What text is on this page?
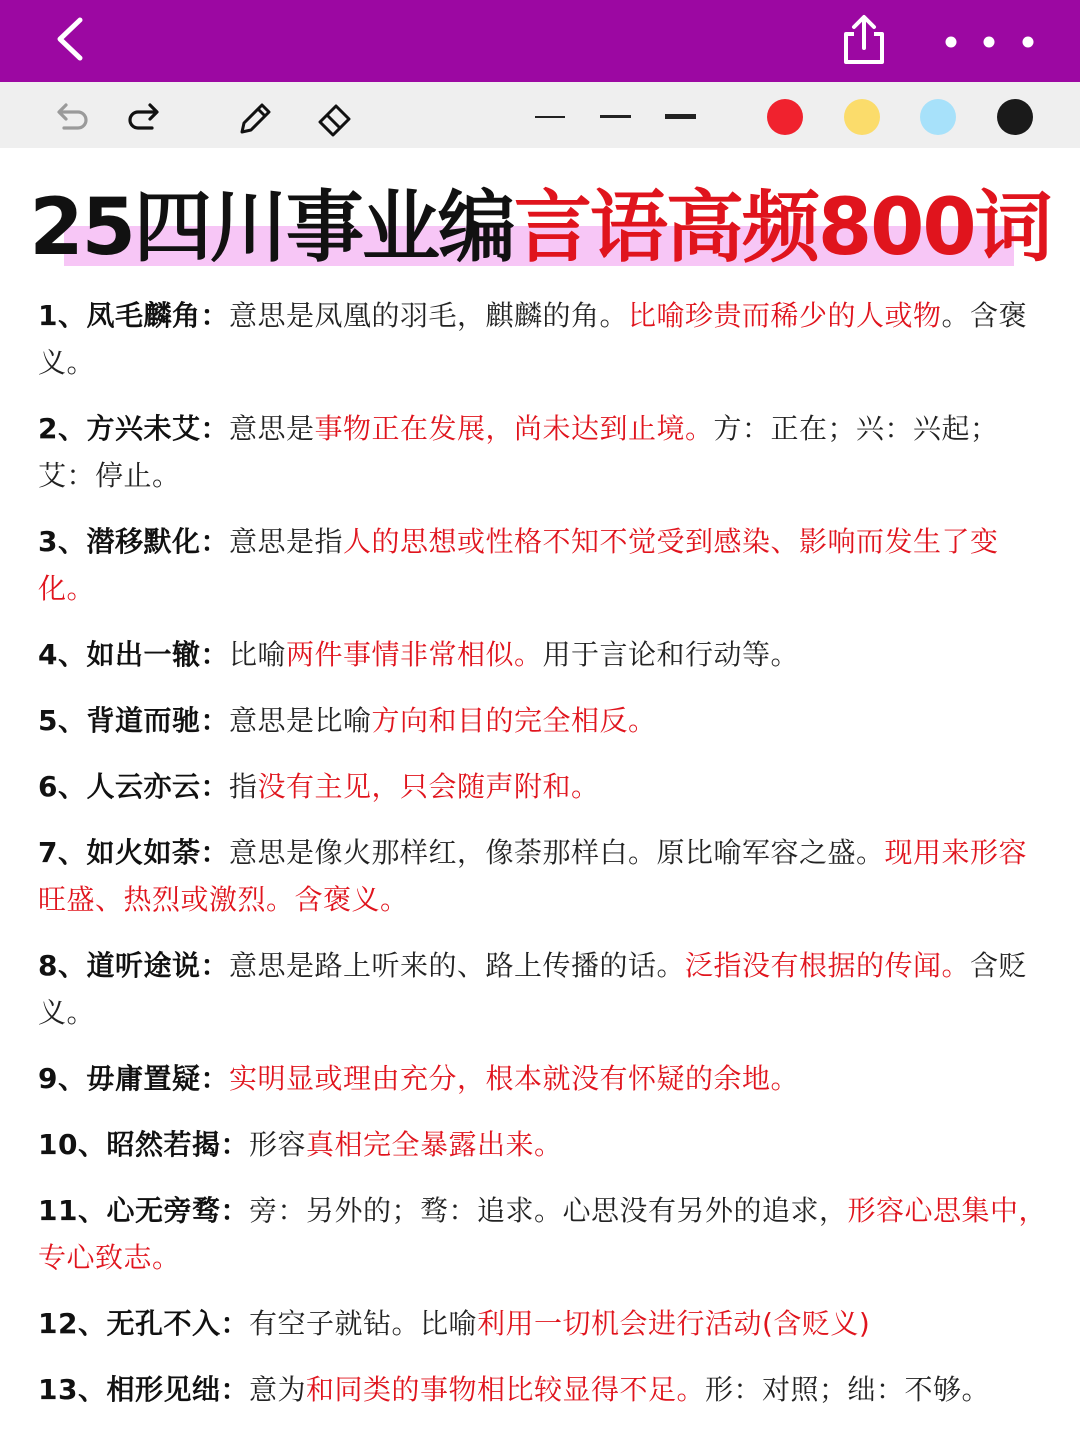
25四川事业编言语高频800词

1、凤毛麟角：意思是凤凰的羽毛，麒麟的角。比喻珍贵而稀少的人或物。含褒义。

2、方兴未艾：意思是事物正在发展，尚未达到止境。方：正在；兴：兴起；艾：停止。

3、潜移默化：意思是指人的思想或性格不知不觉受到感染、影响而发生了变化。

4、如出一辙：比喻两件事情非常相似。用于言论和行动等。

5、背道而驰：意思是比喻方向和目的完全相反。

6、人云亦云：指没有主见，只会随声附和。

7、如火如荼：意思是像火那样红，像荼那样白。原比喻军容之盛。现用来形容旺盛、热烈或激烈。含褒义。

8、道听途说：意思是路上听来的、路上传播的话。泛指没有根据的传闻。含贬义。

9、毋庸置疑：实明显或理由充分，根本就没有怀疑的余地。

10、昭然若揭：形容真相完全暴露出来。

11、心无旁骛：旁：另外的；骛：追求。心思没有另外的追求，形容心思集中，专心致志。

12、无孔不入：有空子就钻。比喻利用一切机会进行活动(含贬义)

13、相形见绌：意为和同类的事物相比较显得不足。形：对照；绌：不够。
